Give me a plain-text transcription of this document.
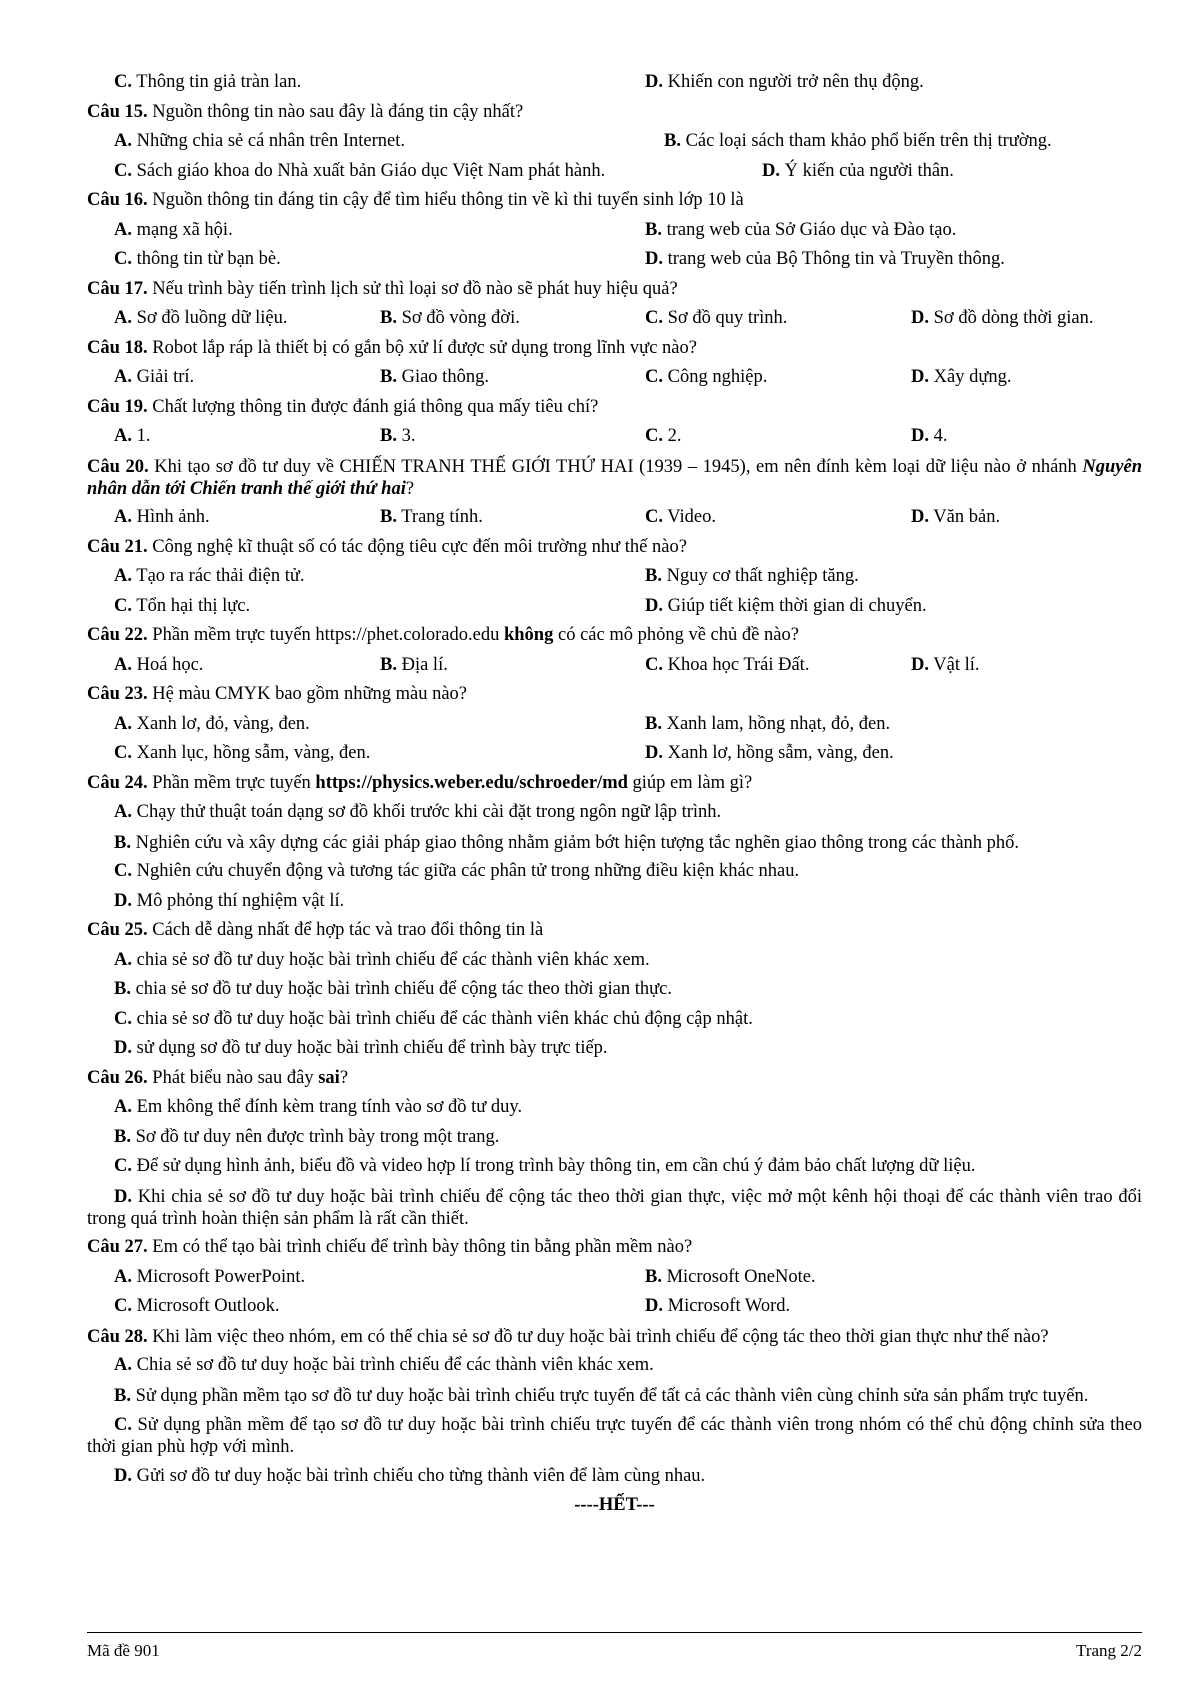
C. Thông tin giả tràn lan.	D. Khiến con người trở nên thụ động.
Câu 15. Nguồn thông tin nào sau đây là đáng tin cậy nhất?
A. Những chia sẻ cá nhân trên Internet.	B. Các loại sách tham khảo phổ biến trên thị trường.
C. Sách giáo khoa do Nhà xuất bản Giáo dục Việt Nam phát hành.	D. Ý kiến của người thân.
Câu 16. Nguồn thông tin đáng tin cậy để tìm hiểu thông tin về kì thi tuyển sinh lớp 10 là
A. mạng xã hội.	B. trang web của Sở Giáo dục và Đào tạo.
C. thông tin từ bạn bè.	D. trang web của Bộ Thông tin và Truyền thông.
Câu 17. Nếu trình bày tiến trình lịch sử thì loại sơ đồ nào sẽ phát huy hiệu quả?
A. Sơ đồ luồng dữ liệu.	B. Sơ đồ vòng đời.	C. Sơ đồ quy trình.	D. Sơ đồ dòng thời gian.
Câu 18. Robot lắp ráp là thiết bị có gắn bộ xử lí được sử dụng trong lĩnh vực nào?
A. Giải trí.	B. Giao thông.	C. Công nghiệp.	D. Xây dựng.
Câu 19. Chất lượng thông tin được đánh giá thông qua mấy tiêu chí?
A. 1.	B. 3.	C. 2.	D. 4.
Câu 20. Khi tạo sơ đồ tư duy về CHIẾN TRANH THẾ GIỚI THỨ HAI (1939 – 1945), em nên đính kèm loại dữ liệu nào ở nhánh Nguyên nhân dẫn tới Chiến tranh thế giới thứ hai?
A. Hình ảnh.	B. Trang tính.	C. Video.	D. Văn bản.
Câu 21. Công nghệ kĩ thuật số có tác động tiêu cực đến môi trường như thế nào?
A. Tạo ra rác thải điện tử.	B. Nguy cơ thất nghiệp tăng.
C. Tổn hại thị lực.	D. Giúp tiết kiệm thời gian di chuyển.
Câu 22. Phần mềm trực tuyến https://phet.colorado.edu không có các mô phỏng về chủ đề nào?
A. Hoá học.	B. Địa lí.	C. Khoa học Trái Đất.	D. Vật lí.
Câu 23. Hệ màu CMYK bao gồm những màu nào?
A. Xanh lơ, đỏ, vàng, đen.	B. Xanh lam, hồng nhạt, đỏ, đen.
C. Xanh lục, hồng sẫm, vàng, đen.	D. Xanh lơ, hồng sẫm, vàng, đen.
Câu 24. Phần mềm trực tuyến https://physics.weber.edu/schroeder/md giúp em làm gì?
A. Chạy thử thuật toán dạng sơ đồ khối trước khi cài đặt trong ngôn ngữ lập trình.
B. Nghiên cứu và xây dựng các giải pháp giao thông nhằm giảm bớt hiện tượng tắc nghẽn giao thông trong các thành phố.
C. Nghiên cứu chuyển động và tương tác giữa các phân tử trong những điều kiện khác nhau.
D. Mô phỏng thí nghiệm vật lí.
Câu 25. Cách dễ dàng nhất để hợp tác và trao đổi thông tin là
A. chia sẻ sơ đồ tư duy hoặc bài trình chiếu để các thành viên khác xem.
B. chia sẻ sơ đồ tư duy hoặc bài trình chiếu để cộng tác theo thời gian thực.
C. chia sẻ sơ đồ tư duy hoặc bài trình chiếu để các thành viên khác chủ động cập nhật.
D. sử dụng sơ đồ tư duy hoặc bài trình chiếu để trình bày trực tiếp.
Câu 26. Phát biểu nào sau đây sai?
A. Em không thể đính kèm trang tính vào sơ đồ tư duy.
B. Sơ đồ tư duy nên được trình bày trong một trang.
C. Để sử dụng hình ảnh, biểu đồ và video hợp lí trong trình bày thông tin, em cần chú ý đảm bảo chất lượng dữ liệu.
D. Khi chia sẻ sơ đồ tư duy hoặc bài trình chiếu để cộng tác theo thời gian thực, việc mở một kênh hội thoại để các thành viên trao đổi trong quá trình hoàn thiện sản phẩm là rất cần thiết.
Câu 27. Em có thể tạo bài trình chiếu để trình bày thông tin bằng phần mềm nào?
A. Microsoft PowerPoint.	B. Microsoft OneNote.
C. Microsoft Outlook.	D. Microsoft Word.
Câu 28. Khi làm việc theo nhóm, em có thể chia sẻ sơ đồ tư duy hoặc bài trình chiếu để cộng tác theo thời gian thực như thế nào?
A. Chia sẻ sơ đồ tư duy hoặc bài trình chiếu để các thành viên khác xem.
B. Sử dụng phần mềm tạo sơ đồ tư duy hoặc bài trình chiếu trực tuyến để tất cả các thành viên cùng chỉnh sửa sản phẩm trực tuyến.
C. Sử dụng phần mềm để tạo sơ đồ tư duy hoặc bài trình chiếu trực tuyến để các thành viên trong nhóm có thể chủ động chỉnh sửa theo thời gian phù hợp với mình.
D. Gửi sơ đồ tư duy hoặc bài trình chiếu cho từng thành viên để làm cùng nhau.
----HẾT---
Mã đề 901	Trang 2/2
